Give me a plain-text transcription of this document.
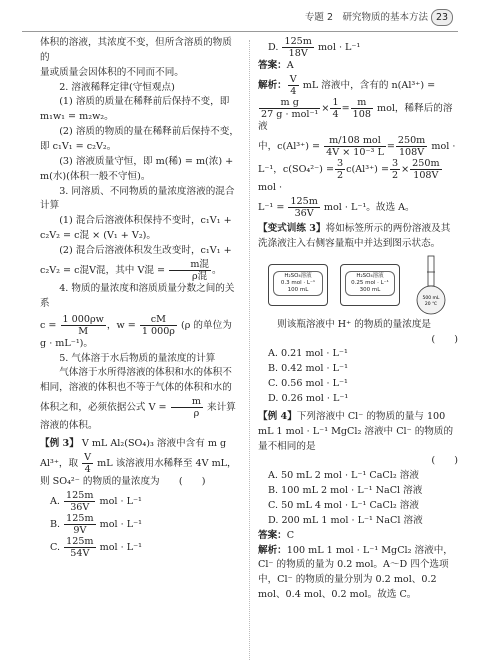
专题 2　研究物质的基本方法 23

体积的溶液，其浓度不变，但所含溶质的物质的

量或质量会因体积的不同而不同。

2. 溶液稀释定律(守恒观点)

(1) 溶质的质量在稀释前后保持不变，即 m₁w₁ = m₂w₂。

(2) 溶质的物质的量在稀释前后保持不变，即 c₁V₁ = c₂V₂。

(3) 溶液质量守恒，即 m(稀) = m(浓) + m(水)(体积一般不守恒)。

3. 同溶质、不同物质的量浓度溶液的混合计算

(1) 混合后溶液体积保持不变时，c₁V₁ + c₂V₂ = c混 × (V₁ + V₂)。

(2) 混合后溶液体积发生改变时，c₁V₁ + c₂V₂ = c混V混，其中 V混 = $\frac{\text{m混}}{\text{ρ混}}$ 。

4. 物质的量浓度和溶质质量分数之间的关系

$c = \frac{1 000\rho w}{M}$ ，$w = \frac{cM}{1 000\rho} (\rho$ 的单位为

g · mL⁻¹)。

5. 气体溶于水后物质的量浓度的计算

气体溶于水所得溶液的体积和水的体积不相同，溶液的体积也不等于气体的体积和水的体积之和，必须依据公式 $V = \frac{m}{\rho}$ 来计算溶液的体积。

【例 3】 V mL Al₂(SO₄)₃ 溶液中含有 m g Al³⁺，取 $\frac{V}{4}$ mL 该溶液用水稀释至 4V mL，则 SO₄²⁻ 的物质的量浓度为　　(　　)

A. $\frac{125m}{36V}$ mol · L⁻¹

B. $\frac{125m}{9V}$ mol · L⁻¹

C. $\frac{125m}{54V}$ mol · L⁻¹

D. $\frac{125m}{18V}$ mol · L⁻¹

答案：A

解析： $\frac{V}{4}$ mL 溶液中，含有的 n(Al³⁺) =

$\frac{\text{m g}}{\text{27 g · mol⁻¹}} \times \frac{1}{4} = \frac{m}{108}$ mol，稀释后的溶液

中，$c(Al^{3+}) = \frac{\text{m/108 mol}}{\text{4V × 10⁻³ L}} = \frac{250m}{108V}$ mol ·

L⁻¹，$c(SO_4^{2-}) = \frac{3}{2} c(Al^{3+}) = \frac{3}{2} \times \frac{250m}{108V}$
mol ·

$L^{-1} = \frac{125m}{36V}$ mol · L⁻¹。故选 A。

【变式训练 3】将如标签所示的两份溶液及其洗涤液注入右侧容量瓶中并达到图示状态。

H₂SO₄溶液
0.3 mol · L⁻¹
100 mL
H₂SO₄溶液
0.25 mol · L⁻¹
300 mL
500 mL
20 ℃

则该瓶溶液中 H⁺ 的物质的量浓度是

(　　)

A. 0.21 mol · L⁻¹

B. 0.42 mol · L⁻¹

C. 0.56 mol · L⁻¹

D. 0.26 mol · L⁻¹

【例 4】下列溶液中 Cl⁻ 的物质的量与 100 mL 1 mol · L⁻¹ MgCl₂ 溶液中 Cl⁻ 的物质的量不相同的是

(　　)

A. 50 mL 2 mol · L⁻¹ CaCl₂ 溶液

B. 100 mL 2 mol · L⁻¹ NaCl 溶液

C. 50 mL 4 mol · L⁻¹ CaCl₂ 溶液

D. 200 mL 1 mol · L⁻¹ NaCl 溶液

答案：C

解析：100 mL 1 mol · L⁻¹ MgCl₂ 溶液中，Cl⁻ 的物质的量为 0.2 mol。A～D 四个选项中，Cl⁻ 的物质的量分别为 0.2 mol、0.2 mol、0.4 mol、0.2 mol。故选 C。
